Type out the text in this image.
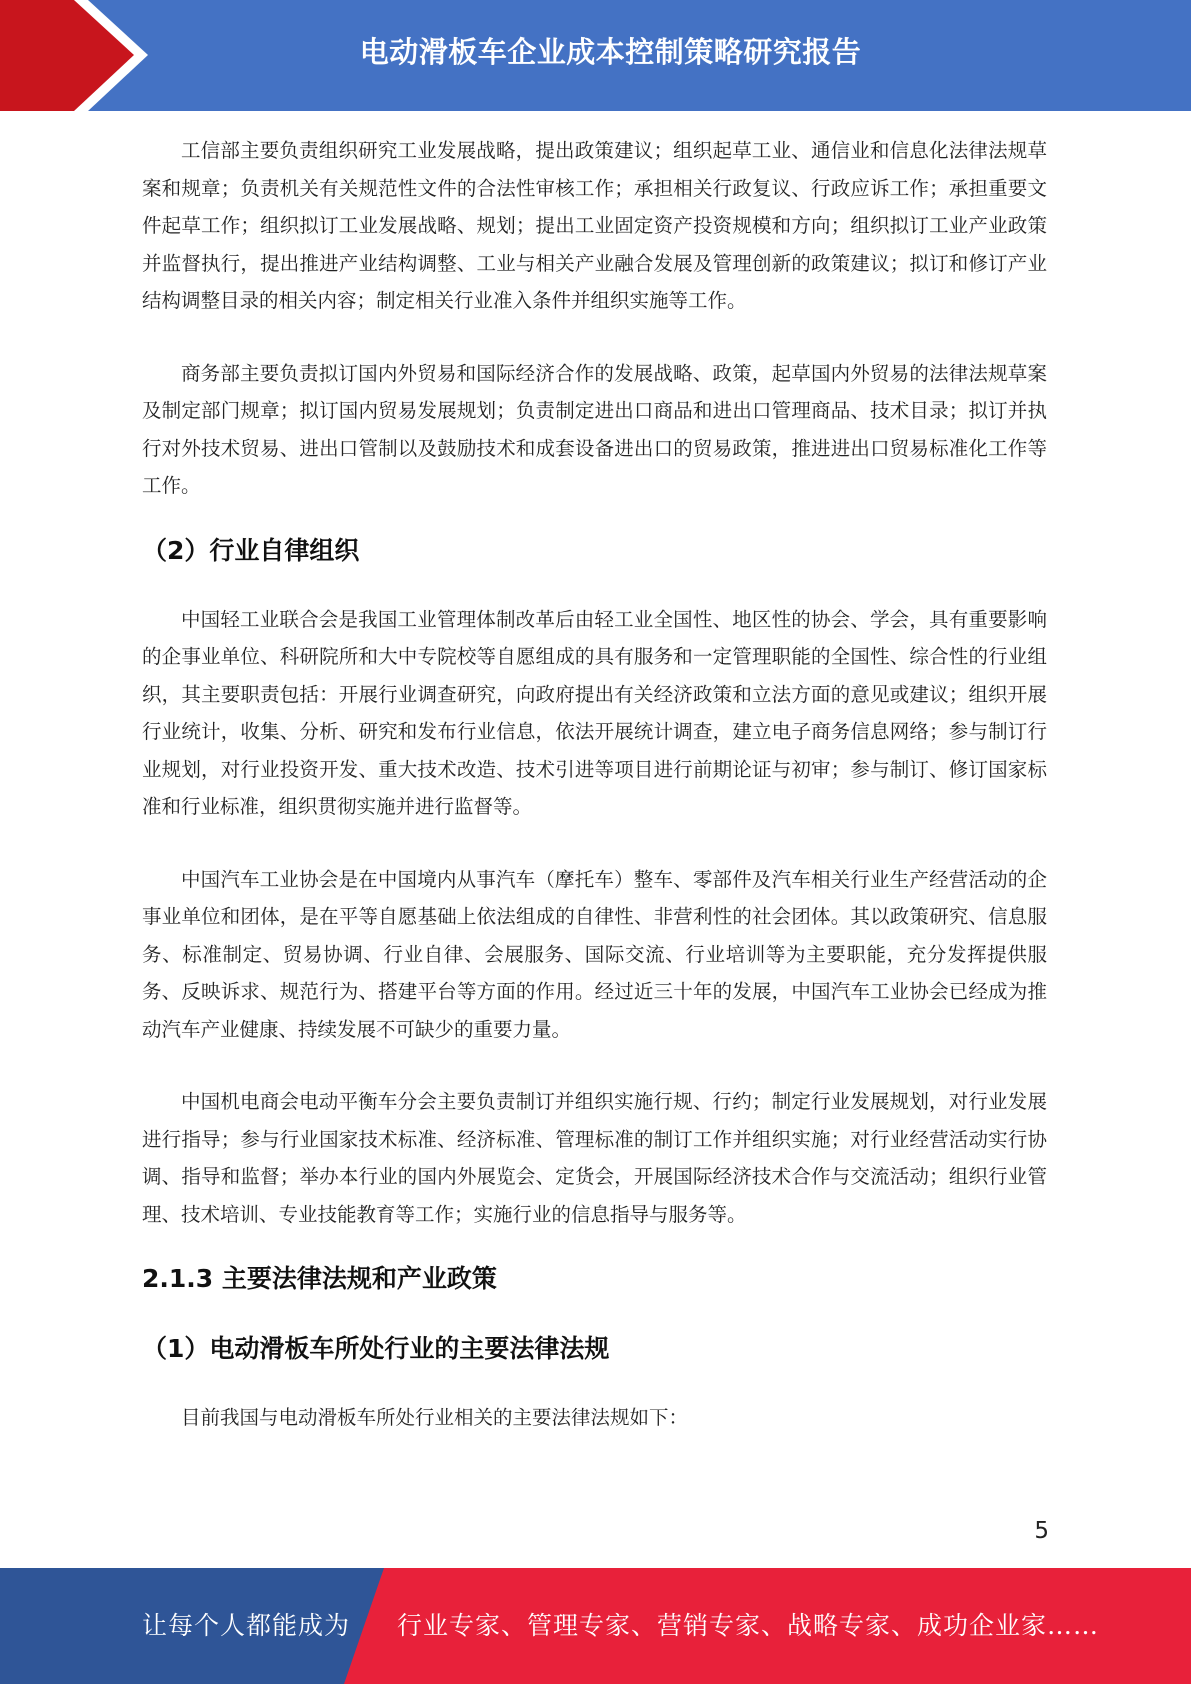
电动滑板车企业成本控制策略研究报告

工信部主要负责组织研究工业发展战略，提出政策建议；组织起草工业、通信业和信息化法律法规草案和规章；负责机关有关规范性文件的合法性审核工作；承担相关行政复议、行政应诉工作；承担重要文件起草工作；组织拟订工业发展战略、规划；提出工业固定资产投资规模和方向；组织拟订工业产业政策并监督执行，提出推进产业结构调整、工业与相关产业融合发展及管理创新的政策建议；拟订和修订产业结构调整目录的相关内容；制定相关行业准入条件并组织实施等工作。

商务部主要负责拟订国内外贸易和国际经济合作的发展战略、政策，起草国内外贸易的法律法规草案及制定部门规章；拟订国内贸易发展规划；负责制定进出口商品和进出口管理商品、技术目录；拟订并执行对外技术贸易、进出口管制以及鼓励技术和成套设备进出口的贸易政策，推进进出口贸易标准化工作等工作。

（2）行业自律组织

中国轻工业联合会是我国工业管理体制改革后由轻工业全国性、地区性的协会、学会，具有重要影响的企事业单位、科研院所和大中专院校等自愿组成的具有服务和一定管理职能的全国性、综合性的行业组织，其主要职责包括：开展行业调查研究，向政府提出有关经济政策和立法方面的意见或建议；组织开展行业统计，收集、分析、研究和发布行业信息，依法开展统计调查，建立电子商务信息网络；参与制订行业规划，对行业投资开发、重大技术改造、技术引进等项目进行前期论证与初审；参与制订、修订国家标准和行业标准，组织贯彻实施并进行监督等。

中国汽车工业协会是在中国境内从事汽车（摩托车）整车、零部件及汽车相关行业生产经营活动的企事业单位和团体，是在平等自愿基础上依法组成的自律性、非营利性的社会团体。其以政策研究、信息服务、标准制定、贸易协调、行业自律、会展服务、国际交流、行业培训等为主要职能，充分发挥提供服务、反映诉求、规范行为、搭建平台等方面的作用。经过近三十年的发展，中国汽车工业协会已经成为推动汽车产业健康、持续发展不可缺少的重要力量。

中国机电商会电动平衡车分会主要负责制订并组织实施行规、行约；制定行业发展规划，对行业发展进行指导；参与行业国家技术标准、经济标准、管理标准的制订工作并组织实施；对行业经营活动实行协调、指导和监督；举办本行业的国内外展览会、定货会，开展国际经济技术合作与交流活动；组织行业管理、技术培训、专业技能教育等工作；实施行业的信息指导与服务等。

2.1.3 主要法律法规和产业政策
（1）电动滑板车所处行业的主要法律法规

目前我国与电动滑板车所处行业相关的主要法律法规如下：

5
让每个人都能成为 行业专家、管理专家、营销专家、战略专家、成功企业家……
